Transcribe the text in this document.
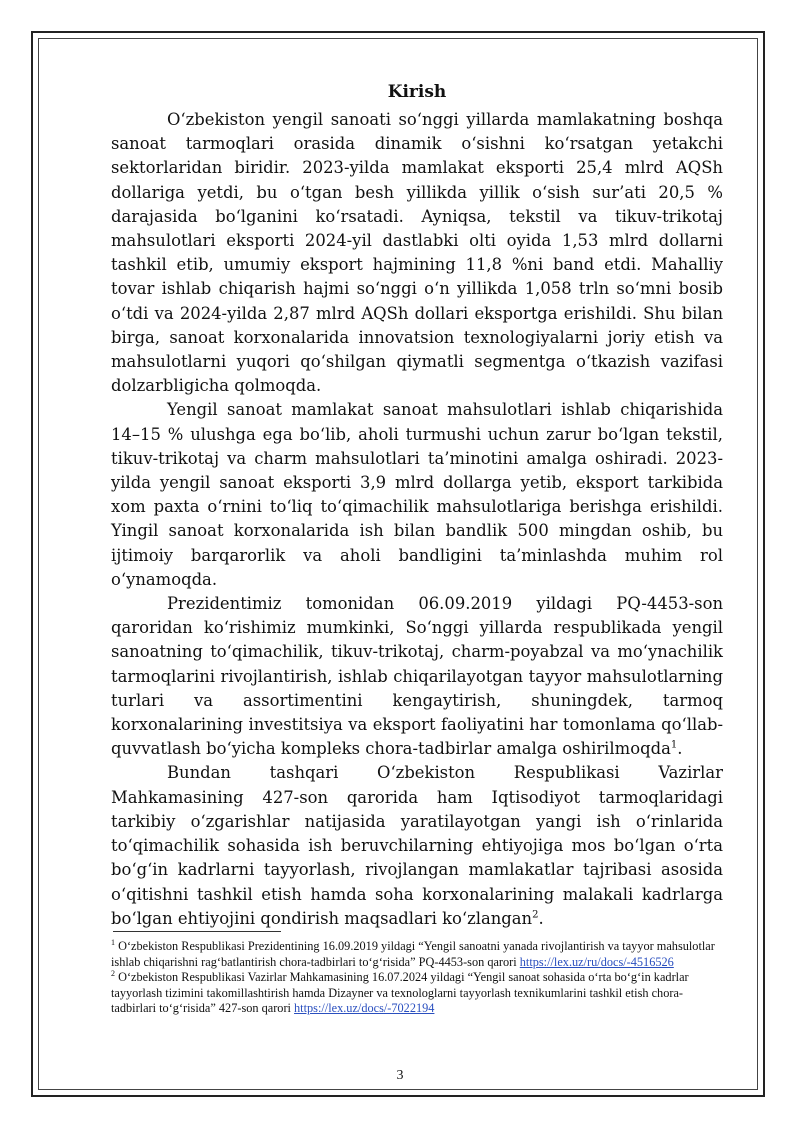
Kirish

O‘zbekiston yengil sanoati so‘nggi yillarda mamlakatning boshqa sanoat tarmoqlari orasida dinamik o‘sishni ko‘rsatgan yetakchi sektorlaridan biridir. 2023-yilda mamlakat eksporti 25,4 mlrd AQSh dollariga yetdi, bu o‘tgan besh yillikda yillik o‘sish sur’ati 20,5 % darajasida bo‘lganini ko‘rsatadi. Ayniqsa, tekstil va tikuv-trikotaj mahsulotlari eksporti 2024-yil dastlabki olti oyida 1,53 mlrd dollarni tashkil etib, umumiy eksport hajmining 11,8 %ni band etdi. Mahalliy tovar ishlab chiqarish hajmi so‘nggi o‘n yillikda 1,058 trln so‘mni bosib o‘tdi va 2024-yilda 2,87 mlrd AQSh dollari eksportga erishildi. Shu bilan birga, sanoat korxonalarida innovatsion texnologiyalarni joriy etish va mahsulotlarni yuqori qo‘shilgan qiymatli segmentga o‘tkazish vazifasi dolzarbligicha qolmoqda.

Yengil sanoat mamlakat sanoat mahsulotlari ishlab chiqarishida 14–15 % ulushga ega bo‘lib, aholi turmushi uchun zarur bo‘lgan tekstil, tikuv-trikotaj va charm mahsulotlari ta’minotini amalga oshiradi. 2023-yilda yengil sanoat eksporti 3,9 mlrd dollarga yetib, eksport tarkibida xom paxta o‘rnini to‘liq to‘qimachilik mahsulotlariga berishga erishildi. Yingil sanoat korxonalarida ish bilan bandlik 500 mingdan oshib, bu ijtimoiy barqarorlik va aholi bandligini ta’minlashda muhim rol o‘ynamoqda.

Prezidentimiz tomonidan 06.09.2019 yildagi PQ-4453-son qaroridan ko‘rishimiz mumkinki, So‘nggi yillarda respublikada yengil sanoatning to‘qimachilik, tikuv-trikotaj, charm-poyabzal va mo‘ynachilik tarmoqlarini rivojlantirish, ishlab chiqarilayotgan tayyor mahsulotlarning turlari va assortimentini kengaytirish, shuningdek, tarmoq korxonalarining investitsiya va eksport faoliyatini har tomonlama qo‘llab-quvvatlash bo‘yicha kompleks chora-tadbirlar amalga oshirilmoqda$^1$.

Bundan tashqari O‘zbekiston Respublikasi Vazirlar Mahkamasining 427-son qarorida ham Iqtisodiyot tarmoqlaridagi tarkibiy o‘zgarishlar natijasida yaratilayotgan yangi ish o‘rinlarida to‘qimachilik sohasida ish beruvchilarning ehtiyojiga mos bo‘lgan o‘rta bo‘g‘in kadrlarni tayyorlash, rivojlangan mamlakatlar tajribasi asosida o‘qitishni tashkil etish hamda soha korxonalarining malakali kadrlarga bo‘lgan ehtiyojini qondirish maqsadlari ko‘zlangan$^2$.

$^1$ O‘zbekiston Respublikasi Prezidentining 16.09.2019 yildagi “Yengil sanoatni yanada rivojlantirish va tayyor mahsulotlar ishlab chiqarishni rag‘batlantirish chora-tadbirlari to‘g‘risida” PQ-4453-son qarori https://lex.uz/ru/docs/-4516526

$^2$ O‘zbekiston Respublikasi Vazirlar Mahkamasining 16.07.2024 yildagi “Yengil sanoat sohasida o‘rta bo‘g‘in kadrlar tayyorlash tizimini takomillashtirish hamda Dizayner va texnologlarni tayyorlash texnikumlarini tashkil etish chora-tadbirlari to‘g‘risida” 427-son qarori https://lex.uz/docs/-7022194

3
